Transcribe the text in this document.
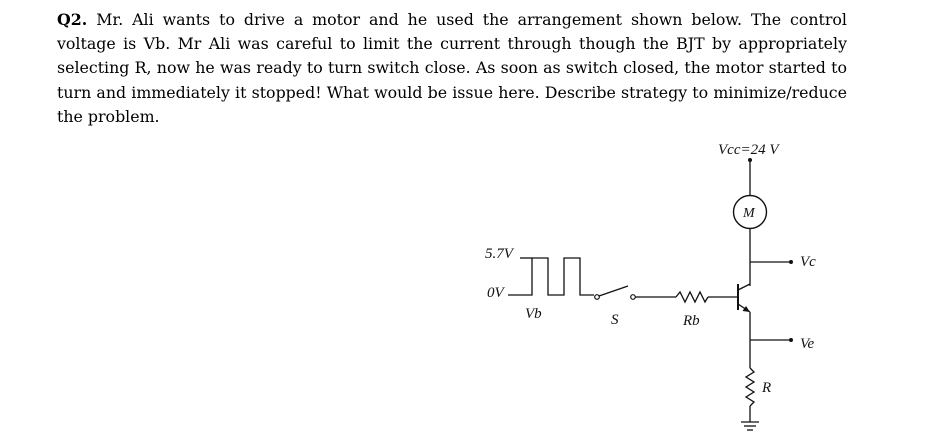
Q2. Mr. Ali wants to drive a motor and he used the arrangement shown below. The control voltage is Vb. Mr Ali was careful to limit the current through though the BJT by appropriately selecting R, now he was ready to turn switch close. As soon as switch closed, the motor started to turn and immediately it stopped! What would be issue here. Describe strategy to minimize/reduce the problem.

Vcc=24 V
M
Vc
Ve
R
Rb
S
5.7V
0V
Vb
